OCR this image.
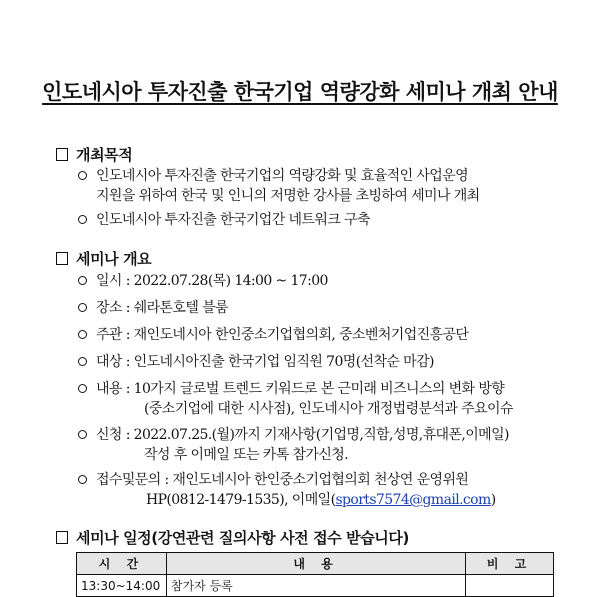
인도네시아 투자진출 한국기업 역량강화 세미나 개최 안내
개최목적
인도네시아 투자진출 한국기업의 역량강화 및 효율적인 사업운영
지원을 위하여 한국 및 인니의 저명한 강사를 초빙하여 세미나 개최
인도네시아 투자진출 한국기업간 네트워크 구축
세미나 개요
일시 : 2022.07.28(목) 14:00 ~ 17:00
장소 : 쉐라톤호텔 블룸
주관 : 재인도네시아 한인중소기업협의회, 중소벤처기업진흥공단
대상 : 인도네시아진출 한국기업 임직원 70명(선착순 마감)
내용 : 10가지 글로벌 트렌드 키워드로 본 근미래 비즈니스의 변화 방향
(중소기업에 대한 시사점), 인도네시아 개정법령분석과 주요이슈
신청 : 2022.07.25.(월)까지 기재사항(기업명,직함,성명,휴대폰,이메일)
작성 후 이메일 또는 카톡 참가신청.
접수및문의 : 재인도네시아 한인중소기업협의회 천상연 운영위원
HP(0812-1479-1535), 이메일(sports7574@gmail.com)
세미나 일정(강연관련 질의사항 사전 접수 받습니다)
시 간	내 용	비 고
13:30~14:00	참가자 등록	
